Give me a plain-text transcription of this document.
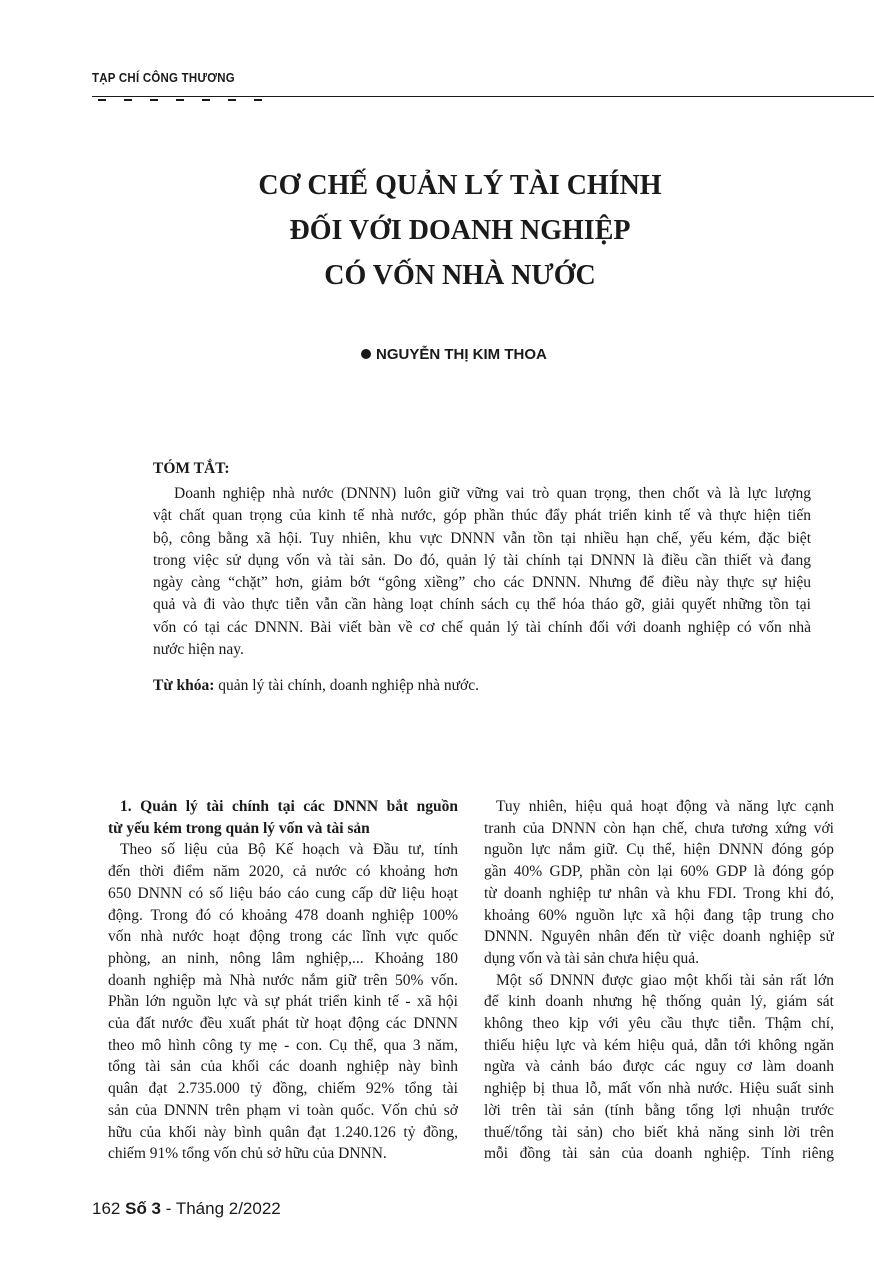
TẠP CHÍ CÔNG THƯƠNG
CƠ CHẾ QUẢN LÝ TÀI CHÍNH
ĐỐI VỚI DOANH NGHIỆP
CÓ VỐN NHÀ NƯỚC
NGUYỄN THỊ KIM THOA
TÓM TẮT:
Doanh nghiệp nhà nước (DNNN) luôn giữ vững vai trò quan trọng, then chốt và là lực lượng
vật chất quan trọng của kinh tế nhà nước, góp phần thúc đẩy phát triển kinh tế và thực hiện tiến
bộ, công bằng xã hội. Tuy nhiên, khu vực DNNN vẫn tồn tại nhiều hạn chế, yếu kém, đặc biệt
trong việc sử dụng vốn và tài sản. Do đó, quản lý tài chính tại DNNN là điều cần thiết và đang
ngày càng “chặt” hơn, giảm bớt “gông xiềng” cho các DNNN. Nhưng để điều này thực sự hiệu
quả và đi vào thực tiễn vẫn cần hàng loạt chính sách cụ thể hóa tháo gỡ, giải quyết những tồn tại
vốn có tại các DNNN. Bài viết bàn về cơ chế quản lý tài chính đối với doanh nghiệp có vốn nhà
nước hiện nay.
Từ khóa: quản lý tài chính, doanh nghiệp nhà nước.
1. Quản lý tài chính tại các DNNN bắt nguồn
từ yếu kém trong quản lý vốn và tài sản
Theo số liệu của Bộ Kế hoạch và Đầu tư, tính
đến thời điểm năm 2020, cả nước có khoảng hơn
650 DNNN có số liệu báo cáo cung cấp dữ liệu hoạt
động. Trong đó có khoảng 478 doanh nghiệp 100%
vốn nhà nước hoạt động trong các lĩnh vực quốc
phòng, an ninh, nông lâm nghiệp,... Khoảng 180
doanh nghiệp mà Nhà nước nắm giữ trên 50% vốn.
Phần lớn nguồn lực và sự phát triển kinh tế - xã hội
của đất nước đều xuất phát từ hoạt động các DNNN
theo mô hình công ty mẹ - con. Cụ thể, qua 3 năm,
tổng tài sản của khối các doanh nghiệp này bình
quân đạt 2.735.000 tỷ đồng, chiếm 92% tổng tài
sản của DNNN trên phạm vi toàn quốc. Vốn chủ sở
hữu của khối này bình quân đạt 1.240.126 tỷ đồng,
chiếm 91% tổng vốn chủ sở hữu của DNNN.
Tuy nhiên, hiệu quả hoạt động và năng lực cạnh
tranh của DNNN còn hạn chế, chưa tương xứng với
nguồn lực nắm giữ. Cụ thể, hiện DNNN đóng góp
gần 40% GDP, phần còn lại 60% GDP là đóng góp
từ doanh nghiệp tư nhân và khu FDI. Trong khi đó,
khoảng 60% nguồn lực xã hội đang tập trung cho
DNNN. Nguyên nhân đến từ việc doanh nghiệp sử
dụng vốn và tài sản chưa hiệu quả.
Một số DNNN được giao một khối tài sản rất lớn
để kinh doanh nhưng hệ thống quản lý, giám sát
không theo kịp với yêu cầu thực tiễn. Thậm chí,
thiếu hiệu lực và kém hiệu quả, dẫn tới không ngăn
ngừa và cảnh báo được các nguy cơ làm doanh
nghiệp bị thua lỗ, mất vốn nhà nước. Hiệu suất sinh
lời trên tài sản (tính bằng tổng lợi nhuận trước
thuế/tổng tài sản) cho biết khả năng sinh lời trên
mỗi đồng tài sản của doanh nghiệp. Tính riêng
162 Số 3 - Tháng 2/2022
